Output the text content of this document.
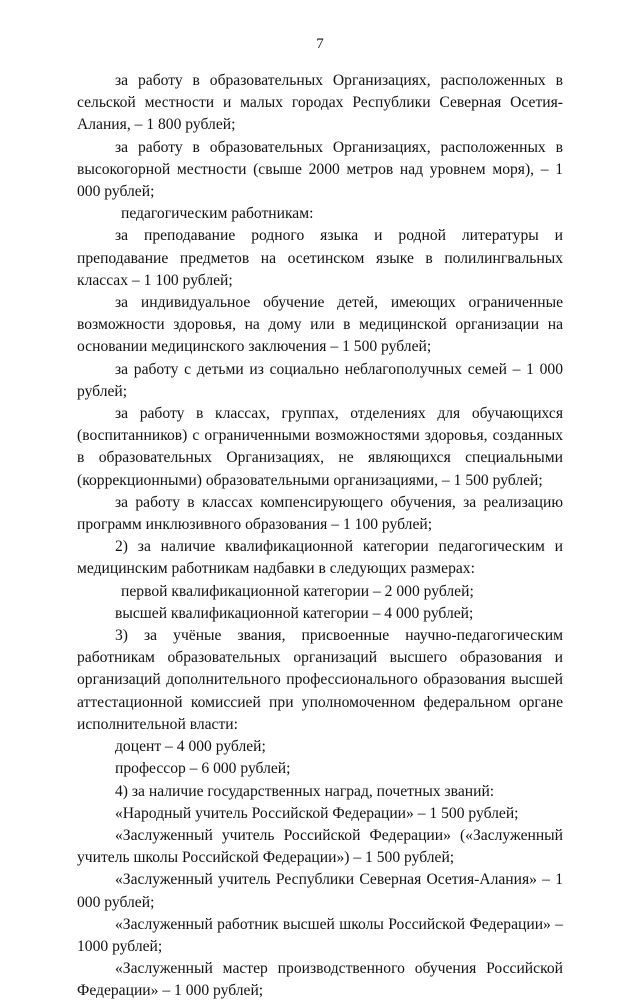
7

за работу в образовательных Организациях, расположенных в сельской местности и малых городах Республики Северная Осетия-Алания, – 1 800 рублей;

за работу в образовательных Организациях, расположенных в высокогорной местности (свыше 2000 метров над уровнем моря), – 1 000 рублей;

педагогическим работникам:

за преподавание родного языка и родной литературы и преподавание предметов на осетинском языке в полилингвальных классах – 1 100 рублей;

за индивидуальное обучение детей, имеющих ограниченные возможности здоровья, на дому или в медицинской организации на основании медицинского заключения – 1 500 рублей;

за работу с детьми из социально неблагополучных семей – 1 000 рублей;

за работу в классах, группах, отделениях для обучающихся (воспитанников) с ограниченными возможностями здоровья, созданных в образовательных Организациях, не являющихся специальными (коррекционными) образовательными организациями, – 1 500 рублей;

за работу в классах компенсирующего обучения, за реализацию программ инклюзивного образования – 1 100 рублей;

2) за наличие квалификационной категории педагогическим и медицинским работникам надбавки в следующих размерах:

первой квалификационной категории – 2 000 рублей;

высшей квалификационной категории – 4 000 рублей;

3) за учёные звания, присвоенные научно-педагогическим работникам образовательных организаций высшего образования и организаций дополнительного профессионального образования высшей аттестационной комиссией при уполномоченном федеральном органе исполнительной власти:

доцент – 4 000 рублей;

профессор – 6 000 рублей;

4) за наличие государственных наград, почетных званий:

«Народный учитель Российской Федерации» – 1 500 рублей;

«Заслуженный учитель Российской Федерации» («Заслуженный учитель школы Российской Федерации») – 1 500 рублей;

«Заслуженный учитель Республики Северная Осетия-Алания» – 1 000 рублей;

«Заслуженный работник высшей школы Российской Федерации» – 1000 рублей;

«Заслуженный мастер производственного обучения Российской Федерации» – 1 000 рублей;
